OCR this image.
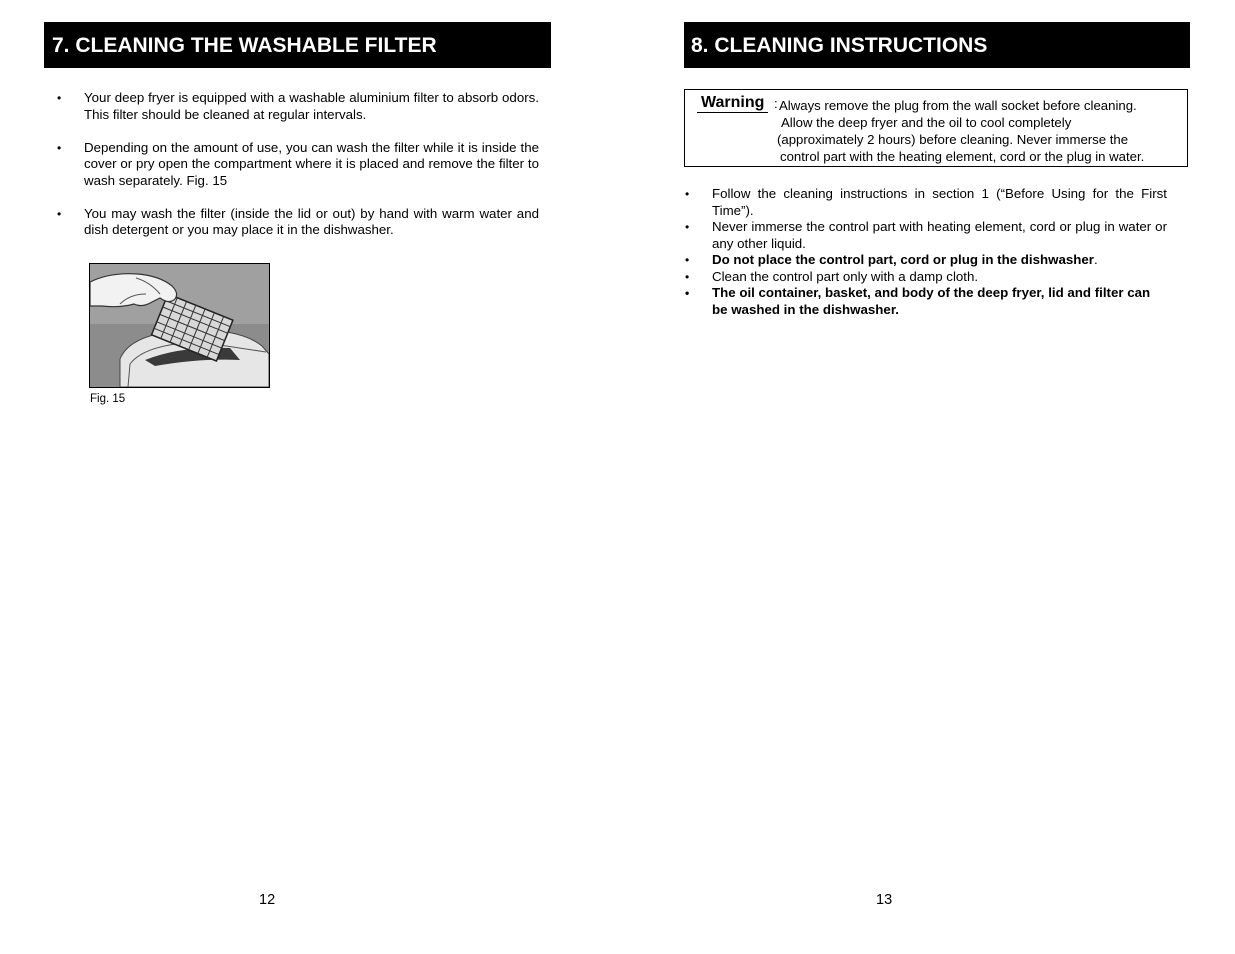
7. CLEANING THE WASHABLE FILTER
• Your deep fryer is equipped with a washable aluminium filter to absorb odors. This filter should be cleaned at regular intervals.
• Depending on the amount of use, you can wash the filter while it is inside the cover or pry open the compartment where it is placed and remove the filter to wash separately. Fig. 15
• You may wash the filter (inside the lid or out) by hand with warm water and dish detergent or you may place it in the dishwasher.
Fig. 15
12
8. CLEANING INSTRUCTIONS
Warning : Always remove the plug from the wall socket before cleaning.
Allow the deep fryer and the oil to cool completely
(approximately 2 hours) before cleaning. Never immerse the
control part with the heating element, cord or the plug in water.
• Follow the cleaning instructions in section 1 (“Before Using for the First Time”).
• Never immerse the control part with heating element, cord or plug in water or any other liquid.
• Do not place the control part, cord or plug in the dishwasher.
• Clean the control part only with a damp cloth.
• The oil container, basket, and body of the deep fryer, lid and filter can be washed in the dishwasher.
13
